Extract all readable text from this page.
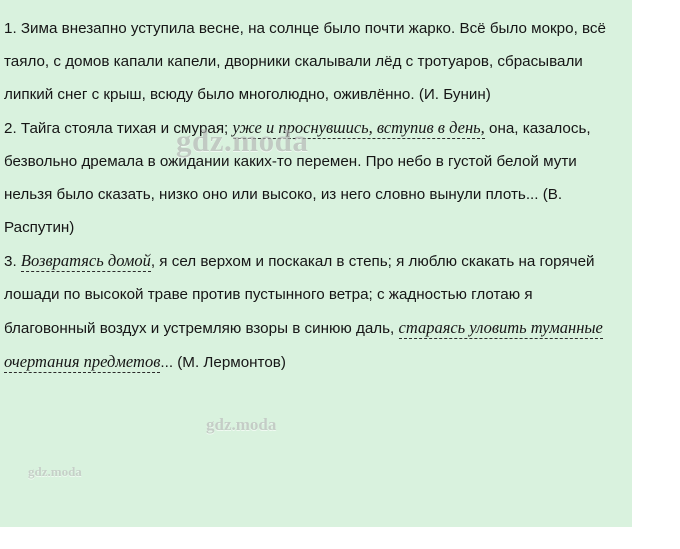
1. Зима внезапно уступила весне, на солнце было почти жарко. Всё было мокро, всё таяло, с домов капали капели, дворники скалывали лёд с тротуаров, сбрасывали липкий снег с крыш, всюду было многолюдно, оживлённо. (И. Бунин)

2. Тайга стояла тихая и смурая; уже и проснувшись, вступив в день, она, казалось, безвольно дремала в ожидании каких-то перемен. Про небо в густой белой мути нельзя было сказать, низко оно или высоко, из него словно вынули плоть... (В. Распутин)

3. Возвратясь домой, я сел верхом и поскакал в степь; я люблю скакать на горячей лошади по высокой траве против пустынного ветра; с жадностью глотаю я благовонный воздух и устремляю взоры в синюю даль, стараясь уловить туманные очертания предметов... (М. Лермонтов)

gdz.moda
gdz.moda
gdz.moda
